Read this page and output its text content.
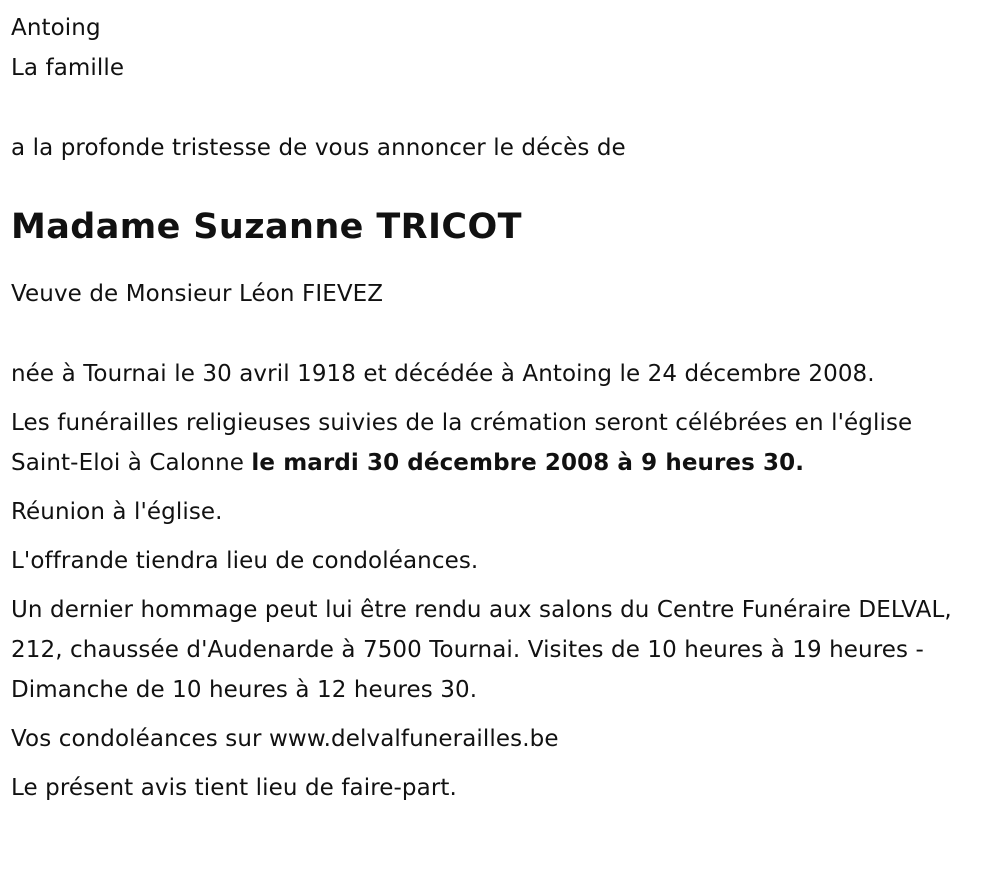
Antoing

La famille

a la profonde tristesse de vous annoncer le décès de

Madame Suzanne TRICOT

Veuve de Monsieur Léon FIEVEZ

née à Tournai le 30 avril 1918 et décédée à Antoing le 24 décembre 2008.

Les funérailles religieuses suivies de la crémation seront célébrées en l'église Saint-Eloi à Calonne le mardi 30 décembre 2008 à 9 heures 30.

Réunion à l'église.

L'offrande tiendra lieu de condoléances.

Un dernier hommage peut lui être rendu aux salons du Centre Funéraire DELVAL, 212, chaussée d'Audenarde à 7500 Tournai. Visites de 10 heures à 19 heures - Dimanche de 10 heures à 12 heures 30.

Vos condoléances sur www.delvalfunerailles.be

Le présent avis tient lieu de faire-part.
